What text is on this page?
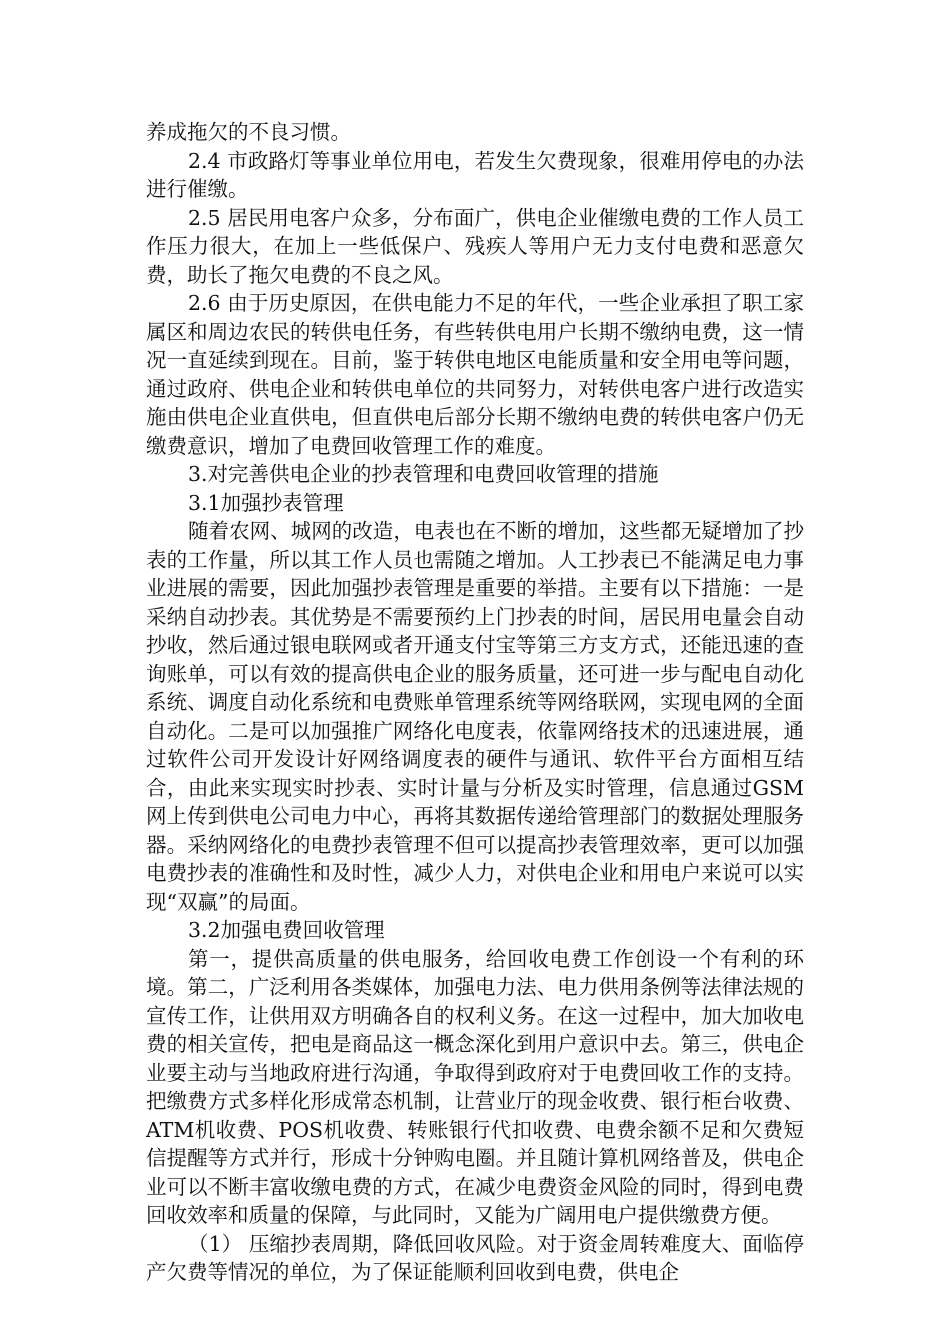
养成拖欠的不良习惯。

2.4 市政路灯等事业单位用电，若发生欠费现象，很难用停电的办法进行催缴。

2.5 居民用电客户众多，分布面广，供电企业催缴电费的工作人员工作压力很大，在加上一些低保户、残疾人等用户无力支付电费和恶意欠费，助长了拖欠电费的不良之风。

2.6 由于历史原因，在供电能力不足的年代，一些企业承担了职工家属区和周边农民的转供电任务，有些转供电用户长期不缴纳电费，这一情况一直延续到现在。目前，鉴于转供电地区电能质量和安全用电等问题，通过政府、供电企业和转供电单位的共同努力，对转供电客户进行改造实施由供电企业直供电，但直供电后部分长期不缴纳电费的转供电客户仍无缴费意识，增加了电费回收管理工作的难度。

3.对完善供电企业的抄表管理和电费回收管理的措施

3.1加强抄表管理

随着农网、城网的改造，电表也在不断的增加，这些都无疑增加了抄表的工作量，所以其工作人员也需随之增加。人工抄表已不能满足电力事业进展的需要，因此加强抄表管理是重要的举措。主要有以下措施：一是采纳自动抄表。其优势是不需要预约上门抄表的时间，居民用电量会自动抄收，然后通过银电联网或者开通支付宝等第三方支方式，还能迅速的查询账单，可以有效的提高供电企业的服务质量，还可进一步与配电自动化系统、调度自动化系统和电费账单管理系统等网络联网，实现电网的全面自动化。二是可以加强推广网络化电度表，依靠网络技术的迅速进展，通过软件公司开发设计好网络调度表的硬件与通讯、软件平台方面相互结合，由此来实现实时抄表、实时计量与分析及实时管理，信息通过GSM网上传到供电公司电力中心，再将其数据传递给管理部门的数据处理服务器。采纳网络化的电费抄表管理不但可以提高抄表管理效率，更可以加强电费抄表的准确性和及时性，减少人力，对供电企业和用电户来说可以实现“双赢”的局面。

3.2加强电费回收管理

第一，提供高质量的供电服务，给回收电费工作创设一个有利的环境。第二，广泛利用各类媒体，加强电力法、电力供用条例等法律法规的宣传工作，让供用双方明确各自的权利义务。在这一过程中，加大加收电费的相关宣传，把电是商品这一概念深化到用户意识中去。第三，供电企业要主动与当地政府进行沟通，争取得到政府对于电费回收工作的支持。把缴费方式多样化形成常态机制，让营业厅的现金收费、银行柜台收费、ATM机收费、POS机收费、转账银行代扣收费、电费余额不足和欠费短信提醒等方式并行，形成十分钟购电圈。并且随计算机网络普及，供电企业可以不断丰富收缴电费的方式，在减少电费资金风险的同时，得到电费回收效率和质量的保障，与此同时，又能为广阔用电户提供缴费方便。

（1） 压缩抄表周期，降低回收风险。对于资金周转难度大、面临停产欠费等情况的单位，为了保证能顺利回收到电费，供电企
